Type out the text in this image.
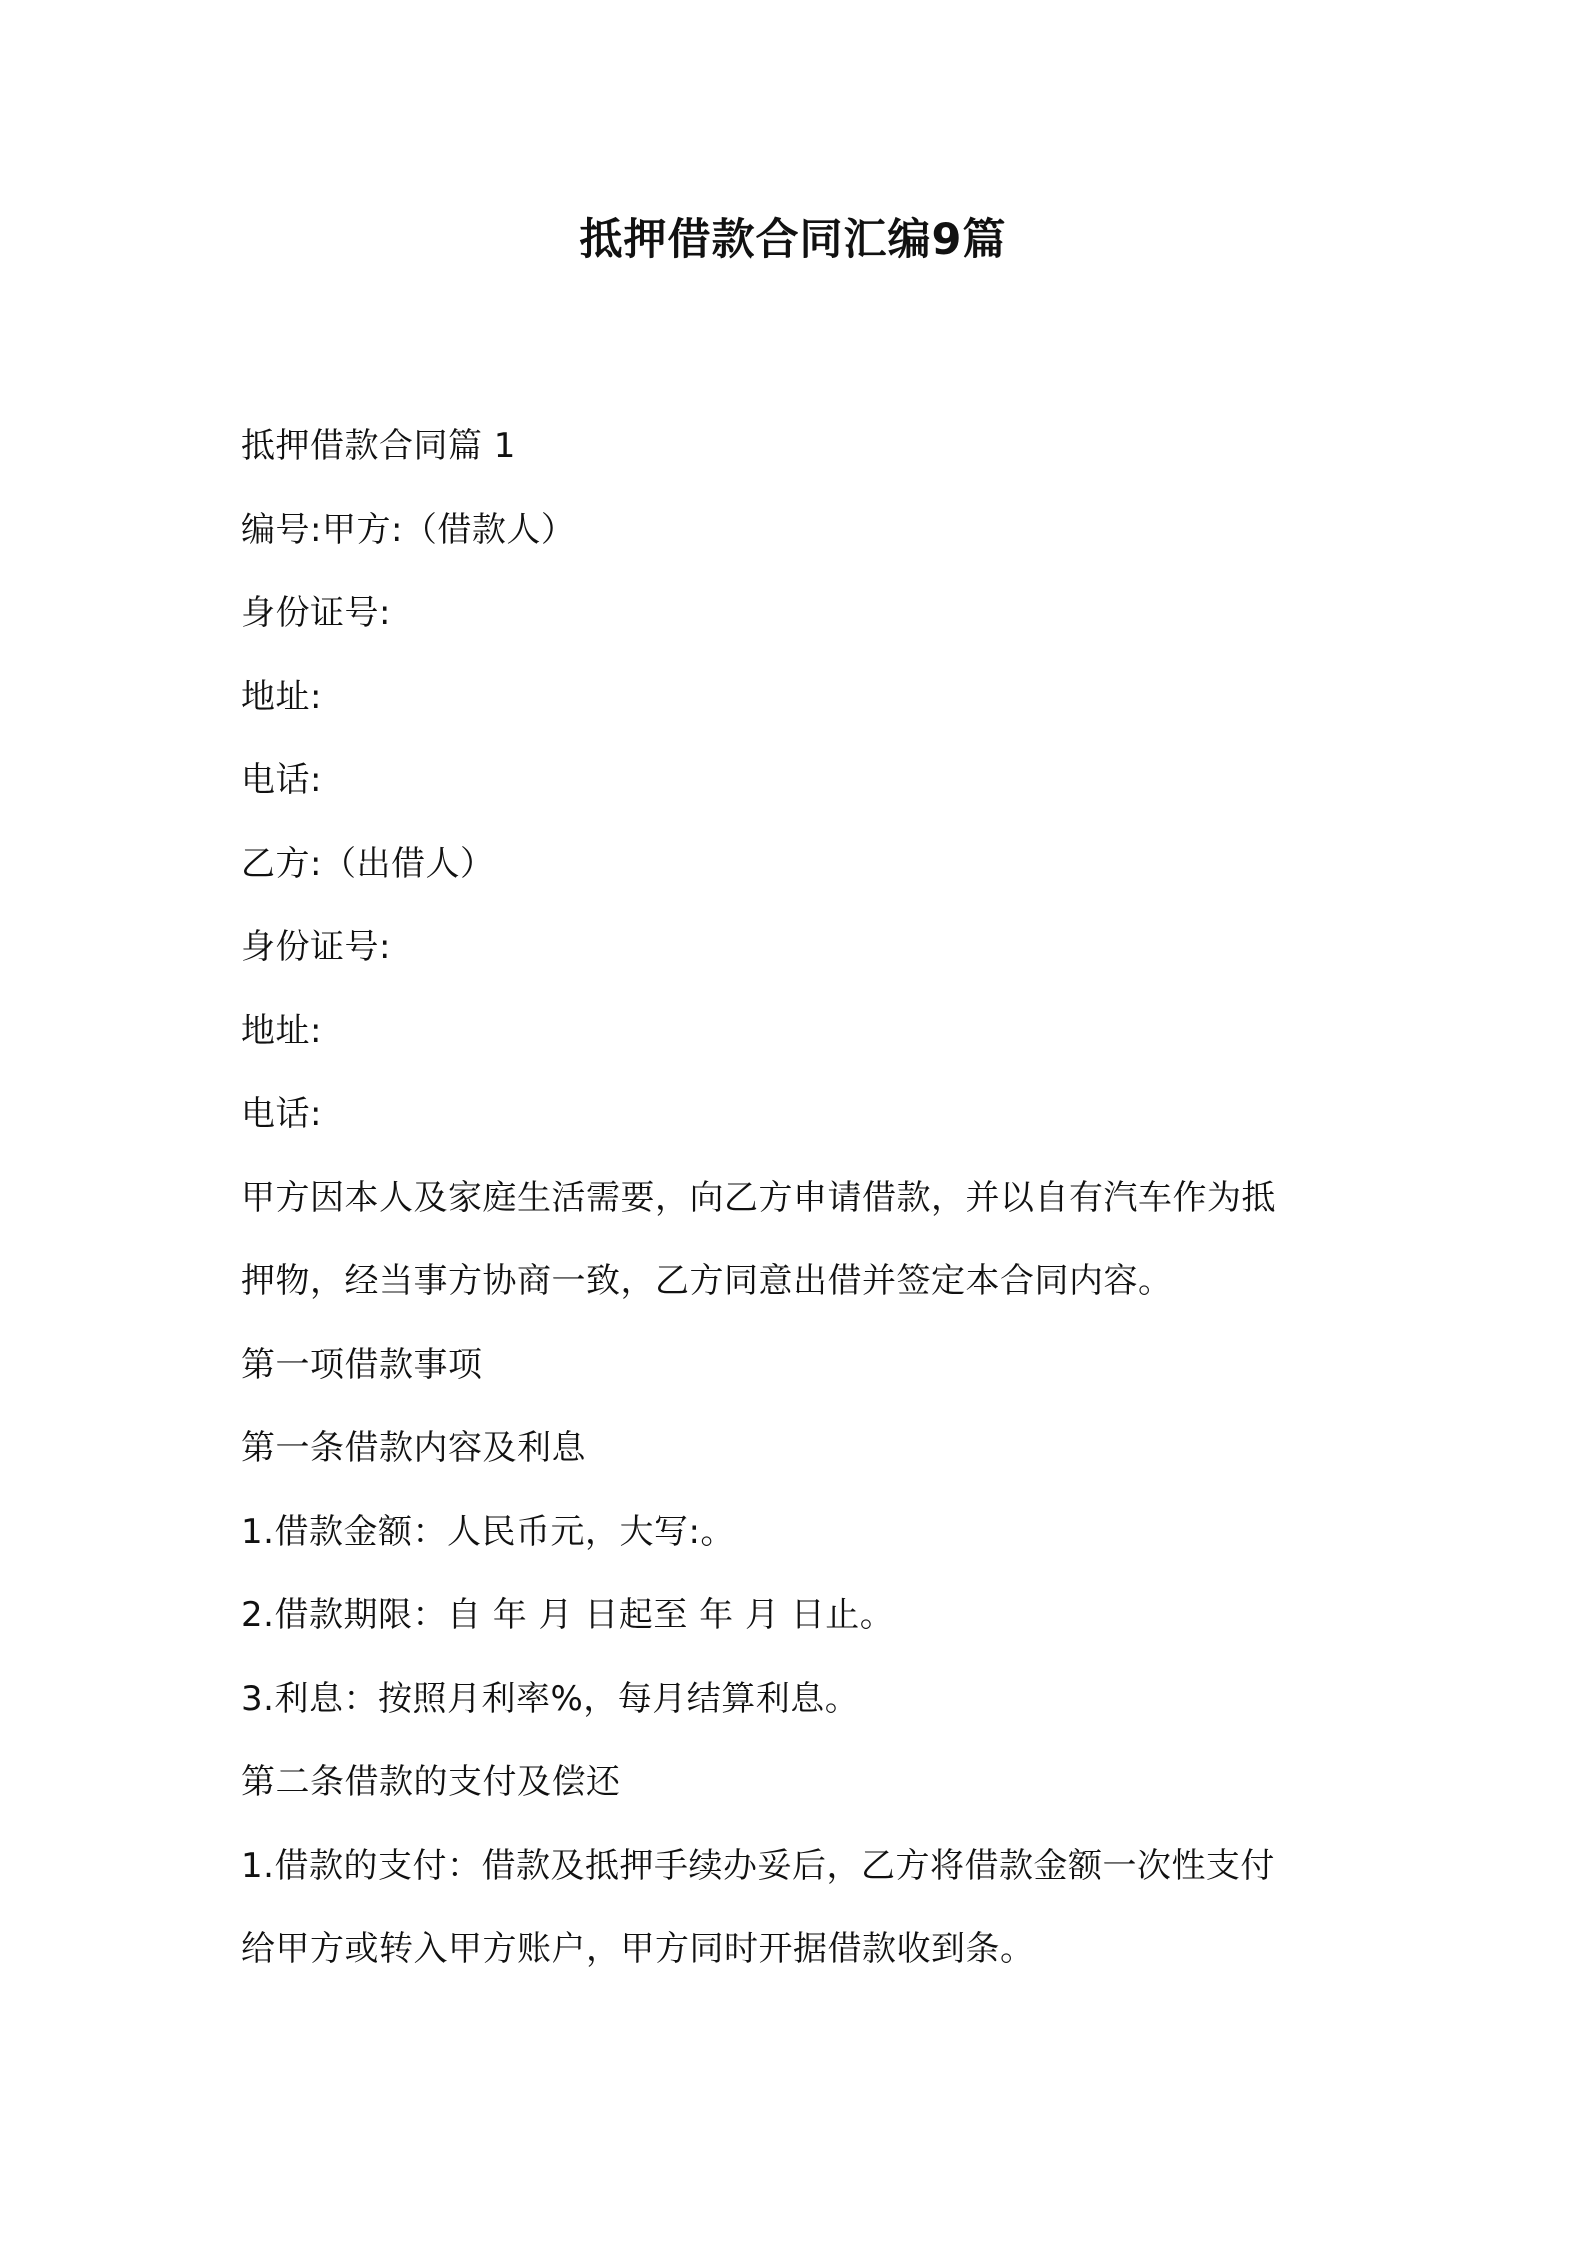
抵押借款合同汇编9篇
抵押借款合同篇 1
编号:甲方:（借款人）
身份证号:
地址:
电话:
乙方:（出借人）
身份证号:
地址:
电话:
甲方因本人及家庭生活需要，向乙方申请借款，并以自有汽车作为抵
押物，经当事方协商一致，乙方同意出借并签定本合同内容。
第一项借款事项
第一条借款内容及利息
1.借款金额：人民币元，大写:。
2.借款期限：自 年 月 日起至 年 月 日止。
3.利息：按照月利率%，每月结算利息。
第二条借款的支付及偿还
1.借款的支付：借款及抵押手续办妥后，乙方将借款金额一次性支付
给甲方或转入甲方账户，甲方同时开据借款收到条。
